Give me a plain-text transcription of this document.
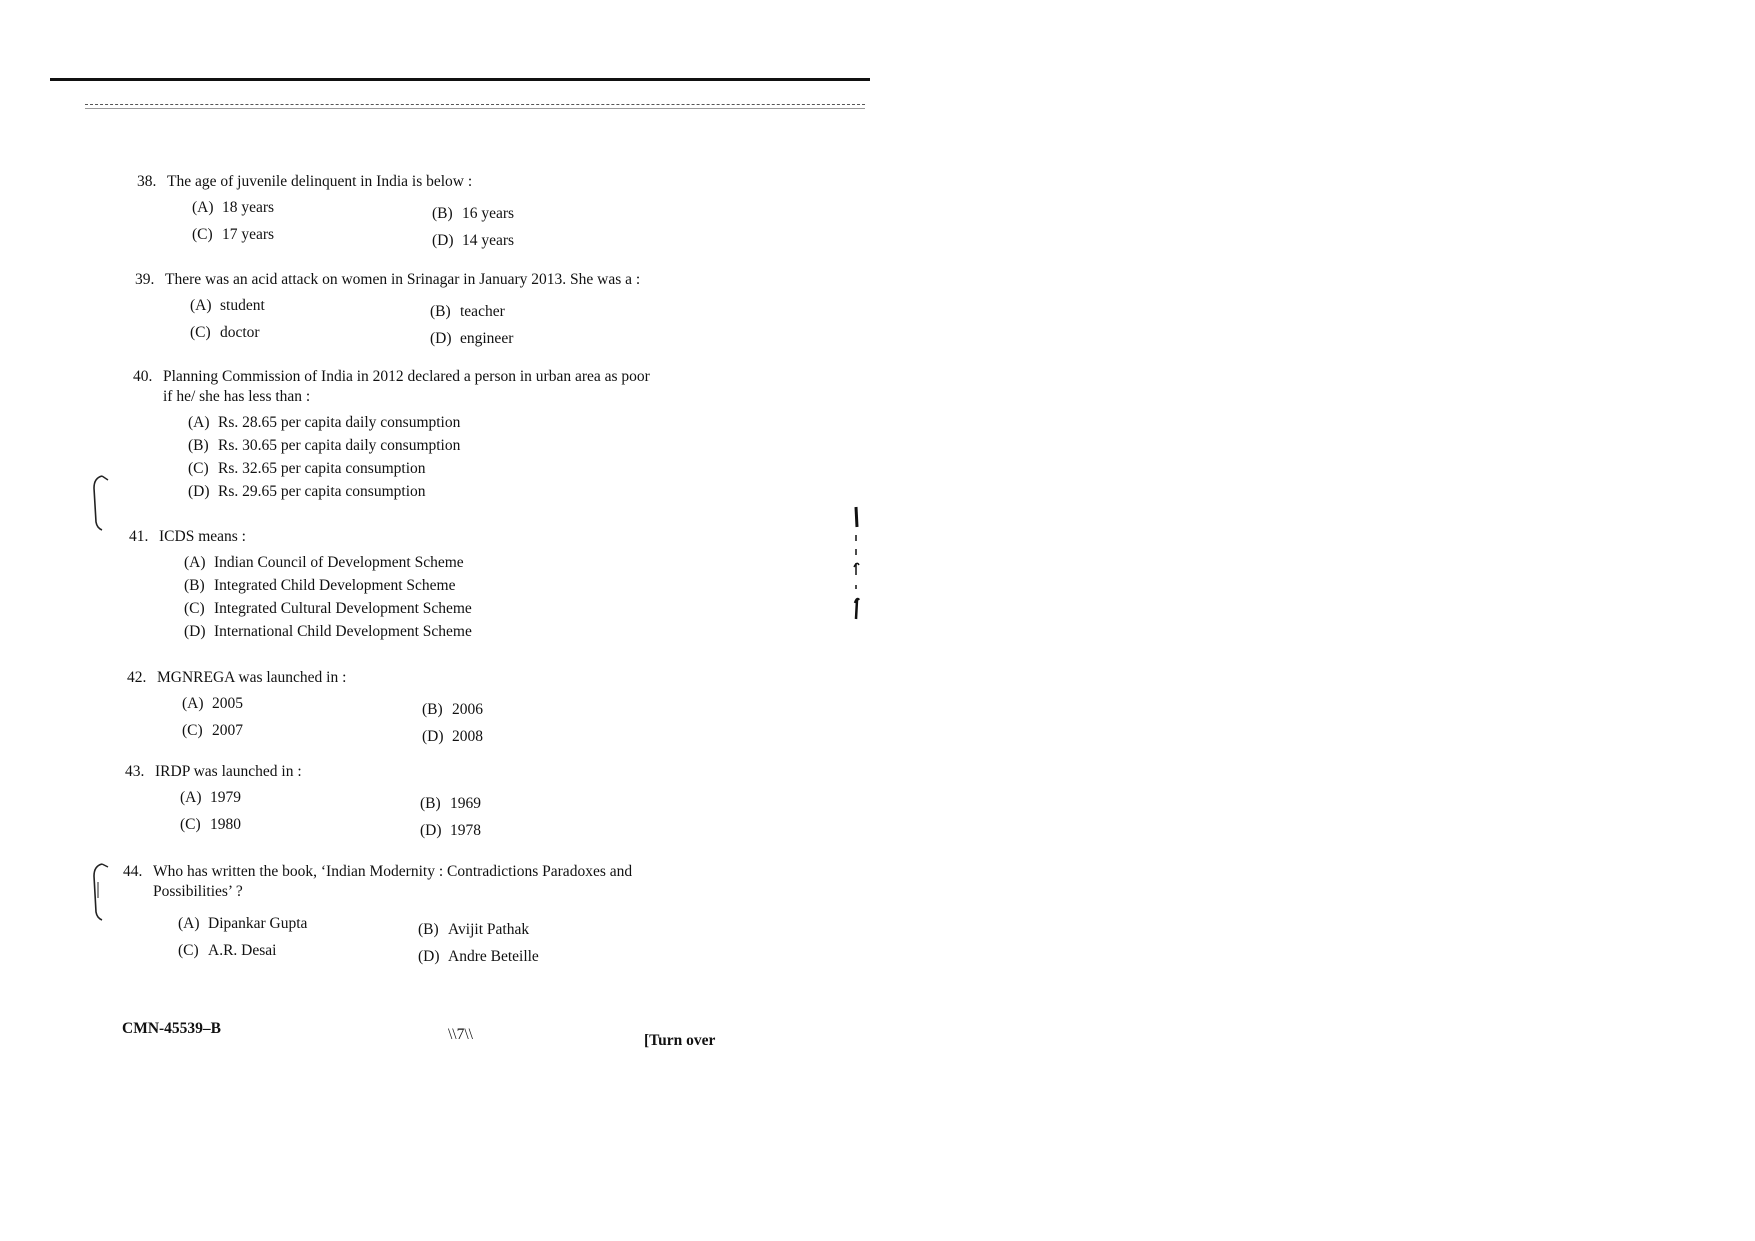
38. The age of juvenile delinquent in India is below :
(A) 18 years	(B) 16 years
(C) 17 years	(D) 14 years
39. There was an acid attack on women in Srinagar in January 2013. She was a :
(A) student	(B) teacher
(C) doctor	(D) engineer
40. Planning Commission of India in 2012 declared a person in urban area as poor if he/ she has less than :
(A) Rs. 28.65 per capita daily consumption
(B) Rs. 30.65 per capita daily consumption
(C) Rs. 32.65 per capita consumption
(D) Rs. 29.65 per capita consumption
41. ICDS means :
(A) Indian Council of Development Scheme
(B) Integrated Child Development Scheme
(C) Integrated Cultural Development Scheme
(D) International Child Development Scheme
42. MGNREGA was launched in :
(A) 2005	(B) 2006
(C) 2007	(D) 2008
43. IRDP was launched in :
(A) 1979	(B) 1969
(C) 1980	(D) 1978
44. Who has written the book, ‘Indian Modernity : Contradictions Paradoxes and Possibilities’ ?
(A) Dipankar Gupta	(B) Avijit Pathak
(C) A.R. Desai	(D) Andre Beteille
CMN-45539–B	\\7\\	[Turn over
